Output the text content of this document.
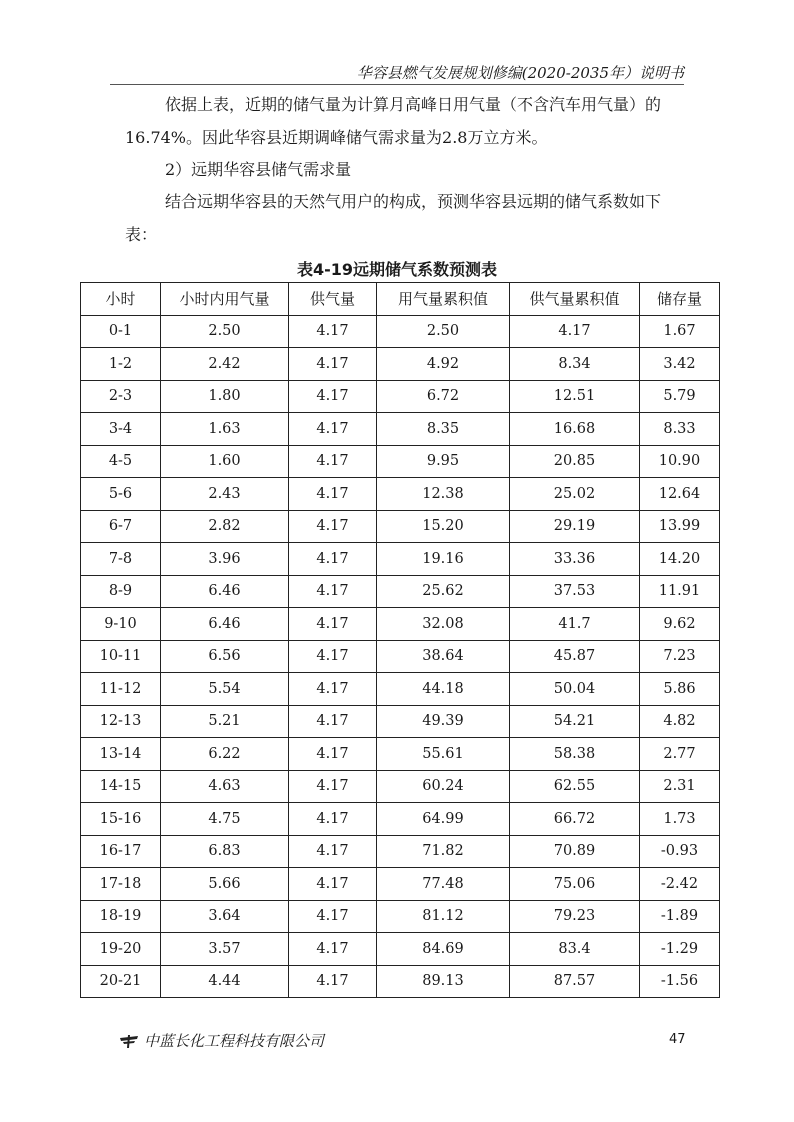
华容县燃气发展规划修编(2020-2035年）说明书
依据上表，近期的储气量为计算月高峰日用气量（不含汽车用气量）的
16.74%。因此华容县近期调峰储气需求量为2.8万立方米。
2）远期华容县储气需求量
结合远期华容县的天然气用户的构成，预测华容县远期的储气系数如下
表：
表4-19远期储气系数预测表
小时	小时内用气量	供气量	用气量累积值	供气量累积值	储存量
0-1	2.50	4.17	2.50	4.17	1.67
1-2	2.42	4.17	4.92	8.34	3.42
2-3	1.80	4.17	6.72	12.51	5.79
3-4	1.63	4.17	8.35	16.68	8.33
4-5	1.60	4.17	9.95	20.85	10.90
5-6	2.43	4.17	12.38	25.02	12.64
6-7	2.82	4.17	15.20	29.19	13.99
7-8	3.96	4.17	19.16	33.36	14.20
8-9	6.46	4.17	25.62	37.53	11.91
9-10	6.46	4.17	32.08	41.7	9.62
10-11	6.56	4.17	38.64	45.87	7.23
11-12	5.54	4.17	44.18	50.04	5.86
12-13	5.21	4.17	49.39	54.21	4.82
13-14	6.22	4.17	55.61	58.38	2.77
14-15	4.63	4.17	60.24	62.55	2.31
15-16	4.75	4.17	64.99	66.72	1.73
16-17	6.83	4.17	71.82	70.89	-0.93
17-18	5.66	4.17	77.48	75.06	-2.42
18-19	3.64	4.17	81.12	79.23	-1.89
19-20	3.57	4.17	84.69	83.4	-1.29
20-21	4.44	4.17	89.13	87.57	-1.56
中蓝长化工程科技有限公司	47
